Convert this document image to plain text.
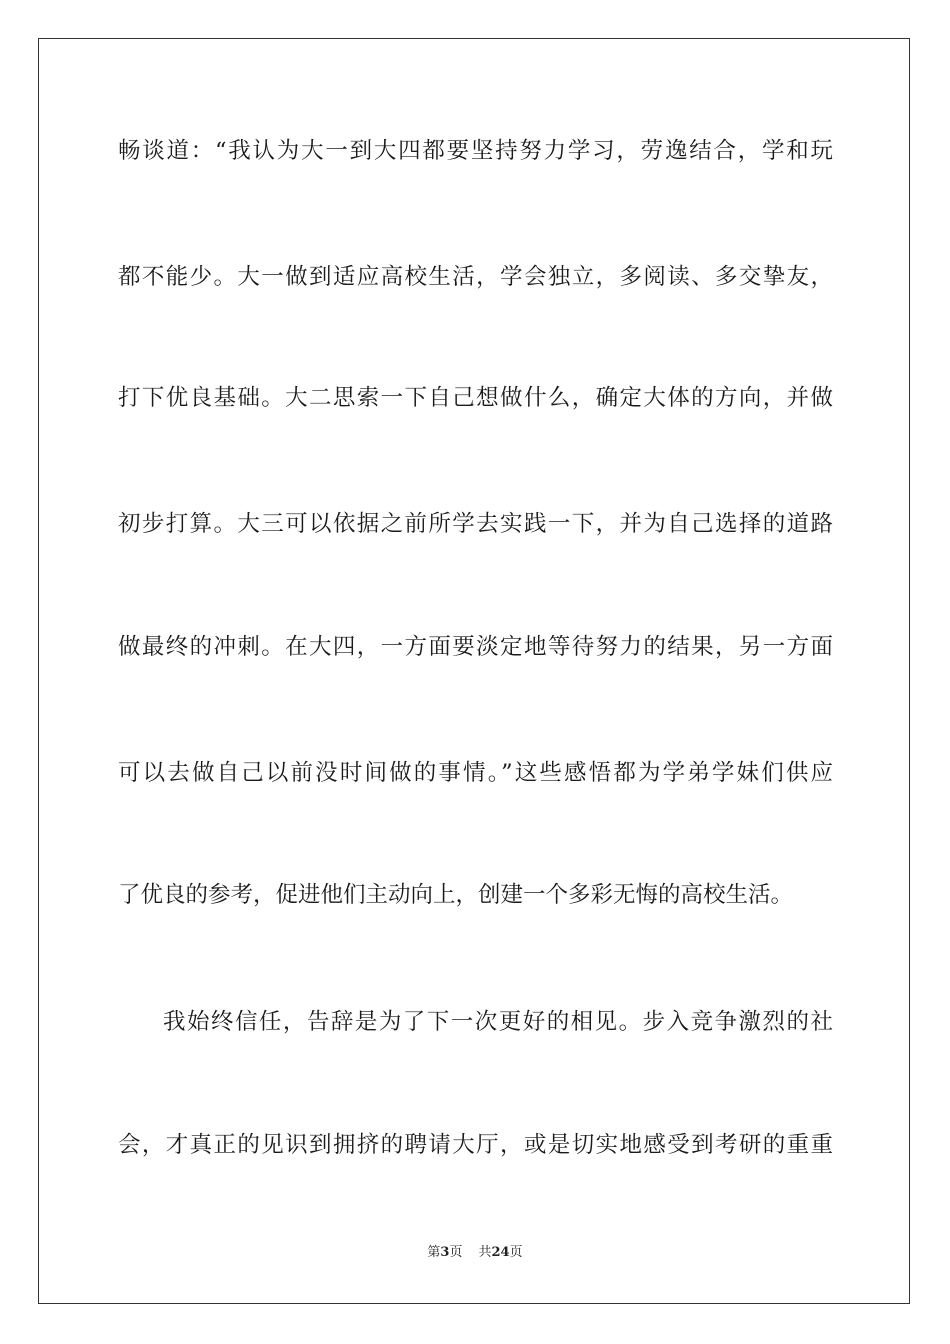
畅谈道：“我认为大一到大四都要坚持努力学习，劳逸结合，学和玩
都不能少。大一做到适应高校生活，学会独立，多阅读、多交挚友，
打下优良基础。大二思索一下自己想做什么，确定大体的方向，并做
初步打算。大三可以依据之前所学去实践一下，并为自己选择的道路
做最终的冲刺。在大四，一方面要淡定地等待努力的结果，另一方面
可以去做自己以前没时间做的事情。”这些感悟都为学弟学妹们供应
了优良的参考，促进他们主动向上，创建一个多彩无悔的高校生活。
我始终信任，告辞是为了下一次更好的相见。步入竞争激烈的社
会，才真正的见识到拥挤的聘请大厅，或是切实地感受到考研的重重
第3页 共24页
